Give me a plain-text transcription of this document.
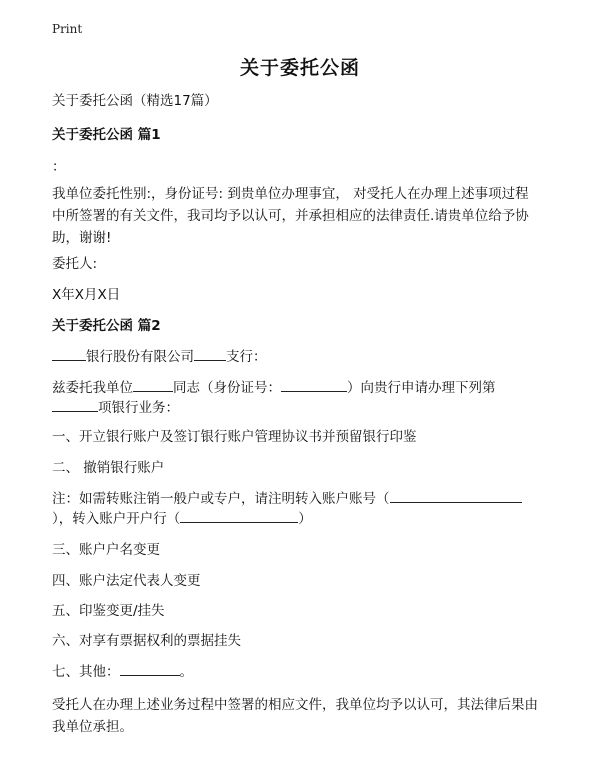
Print
关于委托公函
关于委托公函（精选17篇）
关于委托公函 篇1
：
我单位委托性别:，身份证号: 到贵单位办理事宜， 对受托人在办理上述事项过程
中所签署的有关文件，我司均予以认可，并承担相应的法律责任.请贵单位给予协
助，谢谢!
委托人:
X年X月X日
关于委托公函 篇2
银行股份有限公司 支行：
兹委托我单位	同志（身份证号：	）向贵行申请办理下列第
项银行业务：
一、开立银行账户及签订银行账户管理协议书并预留银行印鉴
二、 撤销银行账户
注：如需转账注销一般户或专户，请注明转入账户账号（
），转入账户开户行（	）
三、账户户名变更
四、账户法定代表人变更
五、印鉴变更/挂失
六、对享有票据权利的票据挂失
七、其他：	。
受托人在办理上述业务过程中签署的相应文件，我单位均予以认可，其法律后果由
我单位承担。
